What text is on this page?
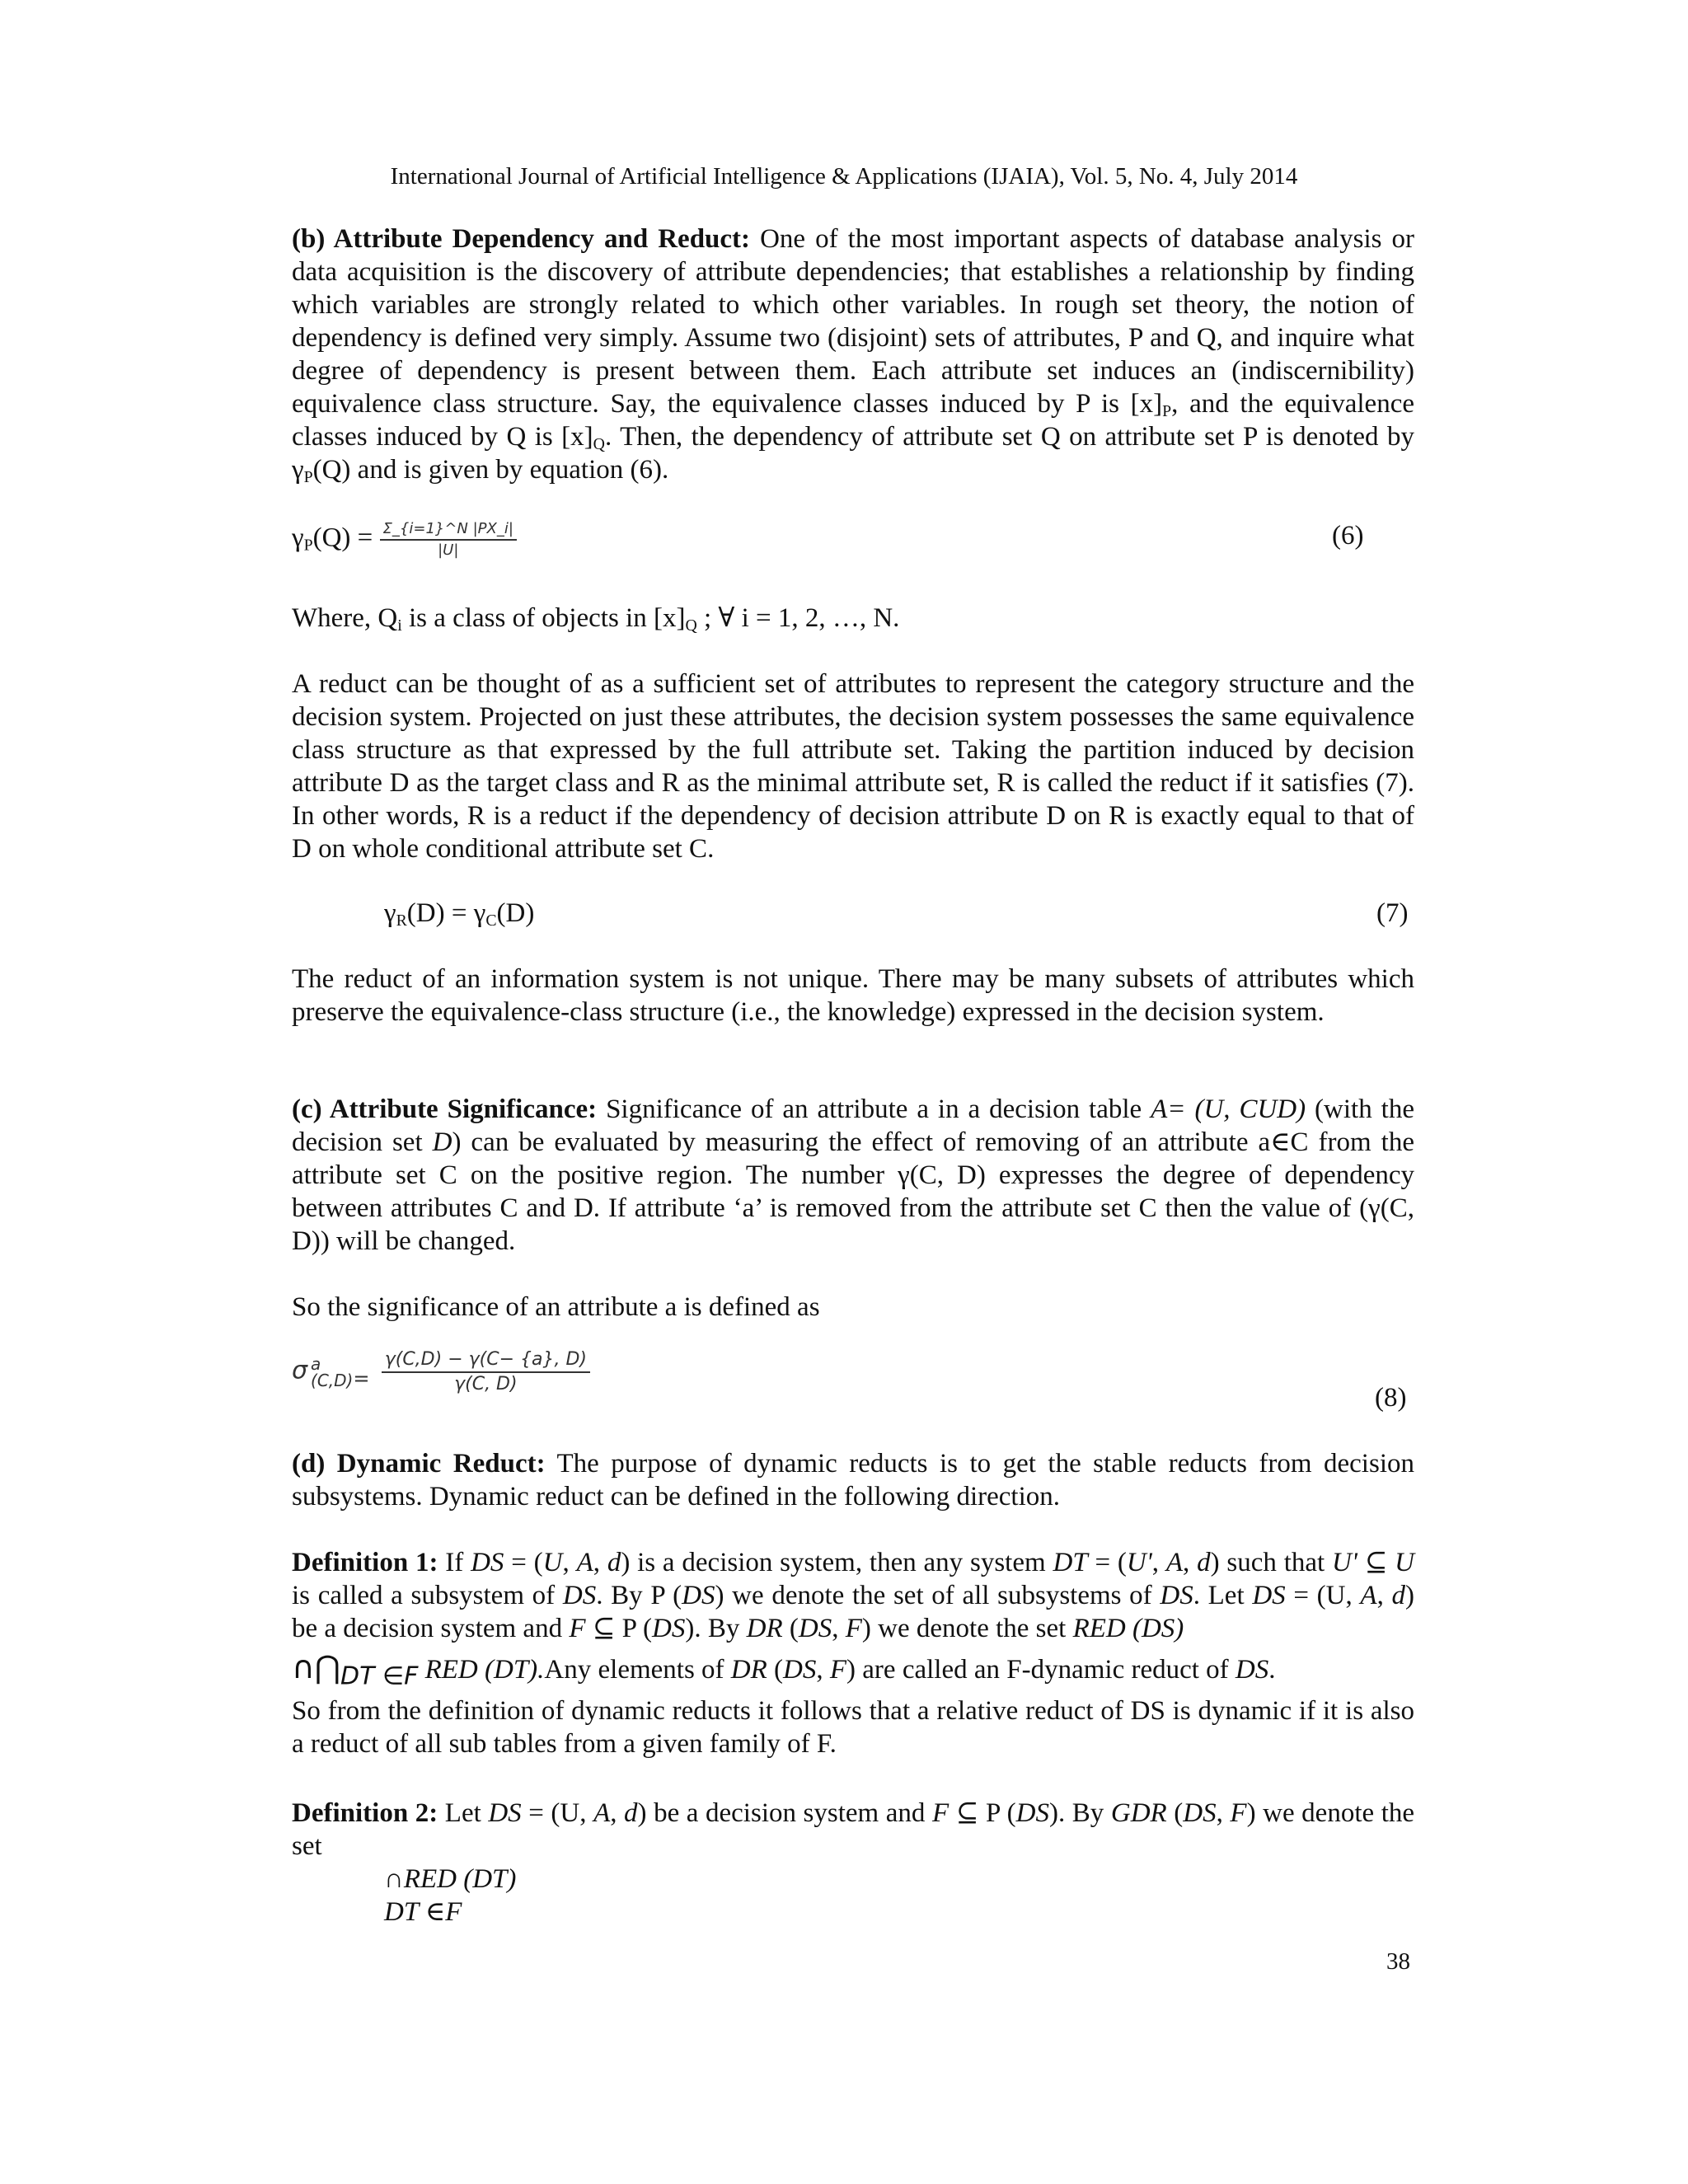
International Journal of Artificial Intelligence & Applications (IJAIA), Vol. 5, No. 4, July 2014
(b) Attribute Dependency and Reduct: One of the most important aspects of database analysis or data acquisition is the discovery of attribute dependencies; that establishes a relationship by finding which variables are strongly related to which other variables. In rough set theory, the notion of dependency is defined very simply. Assume two (disjoint) sets of attributes, P and Q, and inquire what degree of dependency is present between them. Each attribute set induces an (indiscernibility) equivalence class structure. Say, the equivalence classes induced by P is $[x]_P$, and the equivalence classes induced by Q is $[x]_Q$. Then, the dependency of attribute set Q on attribute set P is denoted by $\gamma_P(Q)$ and is given by equation (6).
$\gamma_P(Q) = \frac{\Sigma\_\{i=1\}\^{}N |PX\_i|}{|U|}$	(6)
Where, $Q_i$ is a class of objects in $[x]_Q$ ; ∀ i = 1, 2, …, N.
A reduct can be thought of as a sufficient set of attributes to represent the category structure and the decision system. Projected on just these attributes, the decision system possesses the same equivalence class structure as that expressed by the full attribute set. Taking the partition induced by decision attribute D as the target class and R as the minimal attribute set, R is called the reduct if it satisfies (7). In other words, R is a reduct if the dependency of decision attribute D on R is exactly equal to that of D on whole conditional attribute set C.
$\gamma_R(D) = \gamma_C(D)$	(7)
The reduct of an information system is not unique. There may be many subsets of attributes which preserve the equivalence-class structure (i.e., the knowledge) expressed in the decision system.
(c) Attribute Significance: Significance of an attribute a in a decision table A= (U, CUD) (with the decision set D) can be evaluated by measuring the effect of removing of an attribute a∈C from the attribute set C on the positive region. The number γ(C, D) expresses the degree of dependency between attributes C and D. If attribute ‘a’ is removed from the attribute set C then the value of (γ(C, D)) will be changed.
So the significance of an attribute a is defined as
σ a
$(C,D) = \frac{\gamma(C,D) - \gamma(C- \{a\}, D)}{\gamma(C, D)}$
(8)
(d) Dynamic Reduct: The purpose of dynamic reducts is to get the stable reducts from decision subsystems. Dynamic reduct can be defined in the following direction.
Definition 1: If DS = (U, A, d) is a decision system, then any system DT = (U', A, d) such that U' ⊆ U is called a subsystem of DS. By P (DS) we denote the set of all subsystems of DS. Let DS = (U, A, d) be a decision system and F ⊆ P (DS). By DR (DS, F) we denote the set RED (DS)
$\cap⋂_{DT \in F}$ RED (DT).Any elements of DR (DS, F) are called an F-dynamic reduct of DS.
So from the definition of dynamic reducts it follows that a relative reduct of DS is dynamic if it is also a reduct of all sub tables from a given family of F.
Definition 2: Let DS = (U, A, d) be a decision system and F ⊆ P (DS). By GDR (DS, F) we denote the set
∩RED (DT)
DT ∈F
38
